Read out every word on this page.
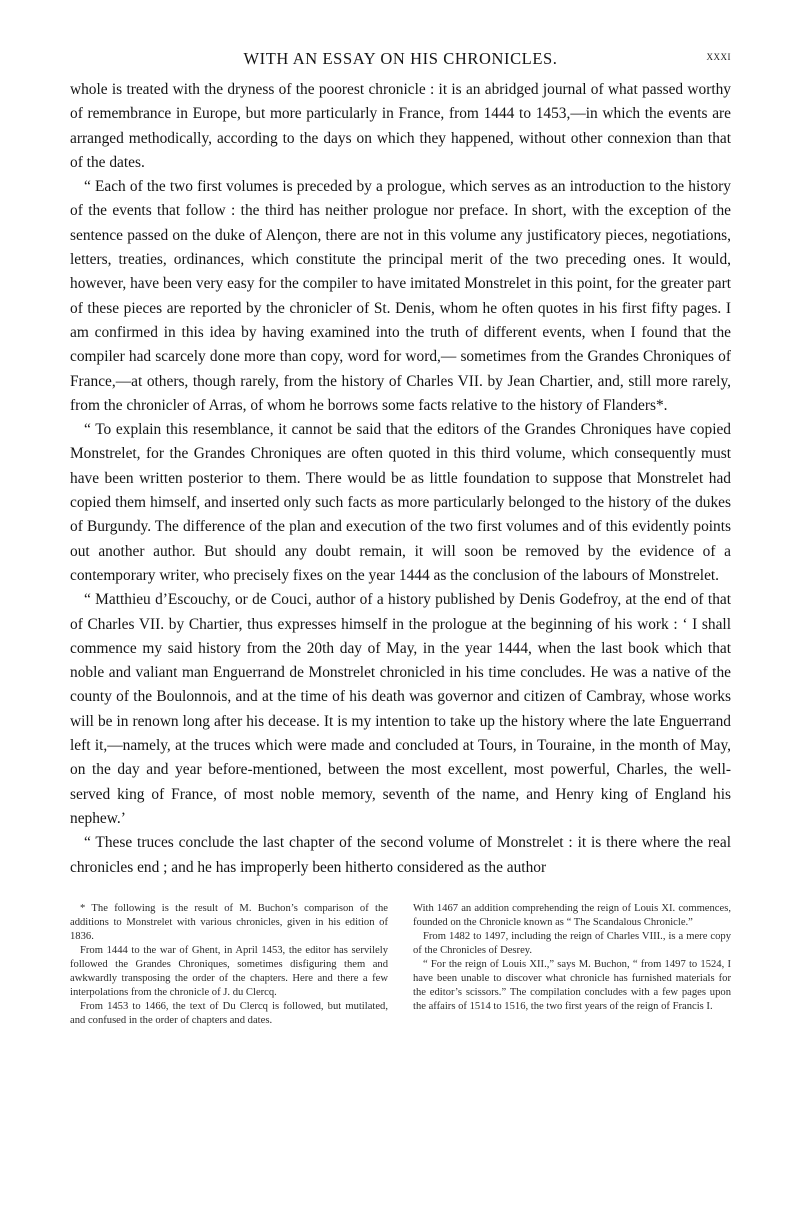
WITH AN ESSAY ON HIS CHRONICLES.	xxxi

whole is treated with the dryness of the poorest chronicle : it is an abridged journal of what passed worthy of remembrance in Europe, but more particularly in France, from 1444 to 1453,—in which the events are arranged methodically, according to the days on which they happened, without other connexion than that of the dates.

“ Each of the two first volumes is preceded by a prologue, which serves as an introduction to the history of the events that follow : the third has neither prologue nor preface. In short, with the exception of the sentence passed on the duke of Alençon, there are not in this volume any justificatory pieces, negotiations, letters, treaties, ordinances, which constitute the principal merit of the two preceding ones. It would, however, have been very easy for the compiler to have imitated Monstrelet in this point, for the greater part of these pieces are reported by the chronicler of St. Denis, whom he often quotes in his first fifty pages. I am confirmed in this idea by having examined into the truth of different events, when I found that the compiler had scarcely done more than copy, word for word,— sometimes from the Grandes Chroniques of France,—at others, though rarely, from the history of Charles VII. by Jean Chartier, and, still more rarely, from the chronicler of Arras, of whom he borrows some facts relative to the history of Flanders*.

“ To explain this resemblance, it cannot be said that the editors of the Grandes Chroniques have copied Monstrelet, for the Grandes Chroniques are often quoted in this third volume, which consequently must have been written posterior to them. There would be as little foundation to suppose that Monstrelet had copied them himself, and inserted only such facts as more particularly belonged to the history of the dukes of Burgundy. The difference of the plan and execution of the two first volumes and of this evidently points out another author. But should any doubt remain, it will soon be removed by the evidence of a contemporary writer, who precisely fixes on the year 1444 as the conclusion of the labours of Monstrelet.

“ Matthieu d’Escouchy, or de Couci, author of a history published by Denis Godefroy, at the end of that of Charles VII. by Chartier, thus expresses himself in the prologue at the beginning of his work : ‘ I shall commence my said history from the 20th day of May, in the year 1444, when the last book which that noble and valiant man Enguerrand de Monstrelet chronicled in his time concludes. He was a native of the county of the Boulonnois, and at the time of his death was governor and citizen of Cambray, whose works will be in renown long after his decease. It is my intention to take up the history where the late Enguerrand left it,—namely, at the truces which were made and concluded at Tours, in Touraine, in the month of May, on the day and year before-mentioned, between the most excellent, most powerful, Charles, the well-served king of France, of most noble memory, seventh of the name, and Henry king of England his nephew.’

“ These truces conclude the last chapter of the second volume of Monstrelet : it is there where the real chronicles end ; and he has improperly been hitherto considered as the author

* The following is the result of M. Buchon’s comparison of the additions to Monstrelet with various chronicles, given in his edition of 1836.

From 1444 to the war of Ghent, in April 1453, the editor has servilely followed the Grandes Chroniques, sometimes disfiguring them and awkwardly transposing the order of the chapters. Here and there a few interpolations from the chronicle of J. du Clercq.

From 1453 to 1466, the text of Du Clercq is followed, but mutilated, and confused in the order of chapters and dates.

With 1467 an addition comprehending the reign of Louis XI. commences, founded on the Chronicle known as “ The Scandalous Chronicle.”

From 1482 to 1497, including the reign of Charles VIII., is a mere copy of the Chronicles of Desrey.

“ For the reign of Louis XII.,” says M. Buchon, “ from 1497 to 1524, I have been unable to discover what chronicle has furnished materials for the editor’s scissors.” The compilation concludes with a few pages upon the affairs of 1514 to 1516, the two first years of the reign of Francis I.
